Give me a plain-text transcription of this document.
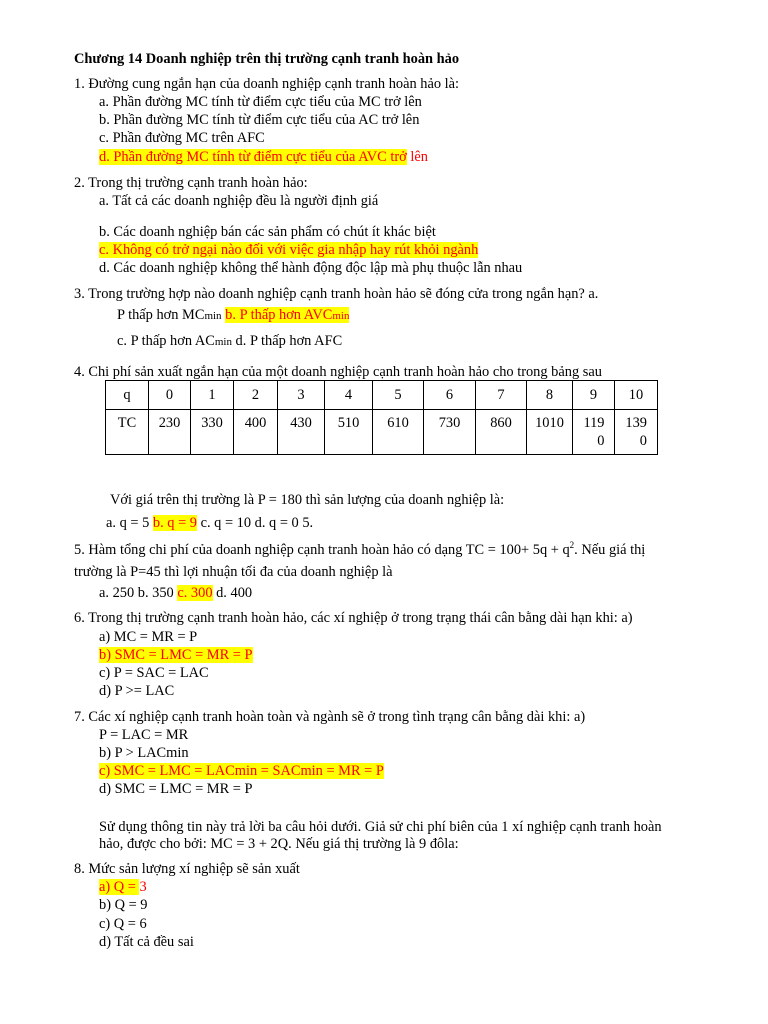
Chương 14 Doanh nghiệp trên thị trường cạnh tranh hoàn hảo
1. Đường cung ngắn hạn của doanh nghiệp cạnh tranh hoàn hảo là:
a. Phần đường MC tính từ điểm cực tiểu của MC trở lên
b. Phần đường MC tính từ điểm cực tiểu của AC trở lên
c. Phần đường MC trên AFC
d. Phần đường MC tính từ điểm cực tiểu của AVC trở lên
2. Trong thị trường cạnh tranh hoàn hảo:
a. Tất cả các doanh nghiệp đều là người định giá
b. Các doanh nghiệp bán các sản phẩm có chút ít khác biệt
c. Không có trở ngại nào đối với việc gia nhập hay rút khỏi ngành
d. Các doanh nghiệp không thể hành động độc lập mà phụ thuộc lẫn nhau
3. Trong trường hợp nào doanh nghiệp cạnh tranh hoàn hảo sẽ đóng cửa trong ngắn hạn? a.
P thấp hơn MCmin b. P thấp hơn AVCmin
c. P thấp hơn ACmin d. P thấp hơn AFC
4. Chi phí sản xuất ngắn hạn của một doanh nghiệp cạnh tranh hoàn hảo cho trong bảng sau
q	0	1	2	3	4	5	6	7	8	9	10
TC	230	330	400	430	510	610	730	860	1010	1190	1390
Với giá trên thị trường là P = 180 thì sản lượng của doanh nghiệp là:
a. q = 5 b. q = 9 c. q = 10 d. q = 0 5.
5. Hàm tổng chi phí của doanh nghiệp cạnh tranh hoàn hảo có dạng TC = $100+ 5q + q^2$. Nếu giá thị
trường là P=45 thì lợi nhuận tối đa của doanh nghiệp là
a. 250 b. 350 c. 300 d. 400
6. Trong thị trường cạnh tranh hoàn hảo, các xí nghiệp ở trong trạng thái cân bằng dài hạn khi: a)
a) MC = MR = P
b) SMC = LMC = MR = P
c) P = SAC = LAC
d) P >= LAC
7. Các xí nghiệp cạnh tranh hoàn toàn và ngành sẽ ở trong tình trạng cân bằng dài khi: a)
P = LAC = MR
b) P > LACmin
c) SMC = LMC = LACmin = SACmin = MR = P
d) SMC = LMC = MR = P
Sử dụng thông tin này trả lời ba câu hỏi dưới. Giả sử chi phí biên của 1 xí nghiệp cạnh tranh hoàn
hảo, được cho bởi: MC = 3 + 2Q. Nếu giá thị trường là 9 đôla:
8. Mức sản lượng xí nghiệp sẽ sản xuất
a) Q = 3
b) Q = 9
c) Q = 6
d) Tất cả đều sai
